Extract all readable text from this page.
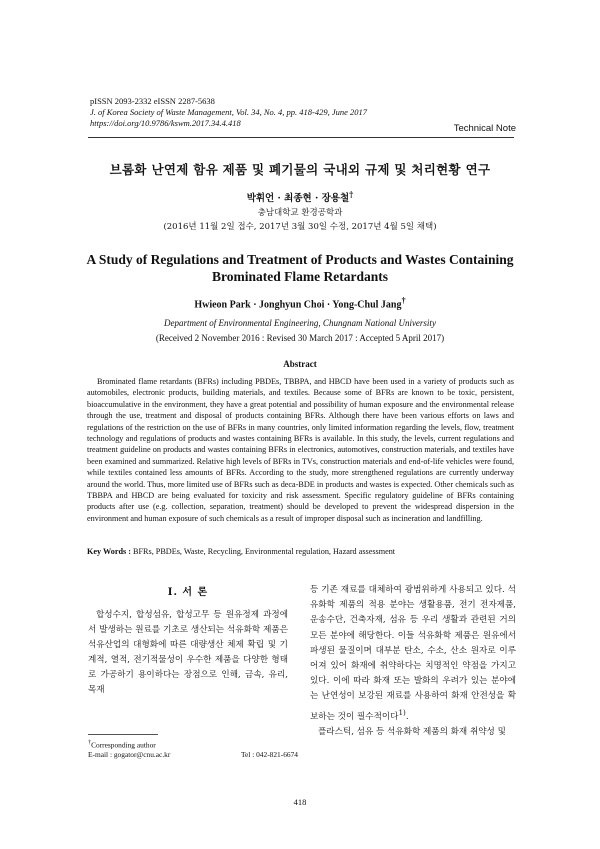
pISSN 2093-2332 eISSN 2287-5638
J. of Korea Society of Waste Management, Vol. 34, No. 4, pp. 418-429, June 2017
https://doi.org/10.9786/kswm.2017.34.4.418	Technical Note
브롬화 난연제 함유 제품 및 폐기물의 국내외 규제 및 처리현황 연구
박휘언 · 최종현 · 장용철†
충남대학교 환경공학과
(2016년 11월 2일 접수, 2017년 3월 30일 수정, 2017년 4월 5일 채택)
A Study of Regulations and Treatment of Products and Wastes Containing Brominated Flame Retardants
Hwieon Park · Jonghyun Choi · Yong-Chul Jang†
Department of Environmental Engineering, Chungnam National University
(Received 2 November 2016 : Revised 30 March 2017 : Accepted 5 April 2017)
Abstract
Brominated flame retardants (BFRs) including PBDEs, TBBPA, and HBCD have been used in a variety of products such as automobiles, electronic products, building materials, and textiles. Because some of BFRs are known to be toxic, persistent, bioaccumulative in the environment, they have a great potential and possibility of human exposure and the environmental release through the use, treatment and disposal of products containing BFRs. Although there have been various efforts on laws and regulations of the restriction on the use of BFRs in many countries, only limited information regarding the levels, flow, treatment technology and regulations of products and wastes containing BFRs is available. In this study, the levels, current regulations and treatment guideline on products and wastes containing BFRs in electronics, automotives, construction materials, and textiles have been examined and summarized. Relative high levels of BFRs in TVs, construction materials and end-of-life vehicles were found, while textiles contained less amounts of BFRs. According to the study, more strengthened regulations are currently underway around the world. Thus, more limited use of BFRs such as deca-BDE in products and wastes is expected. Other chemicals such as TBBPA and HBCD are being evaluated for toxicity and risk assessment. Specific regulatory guideline of BFRs containing products after use (e.g. collection, separation, treatment) should be developed to prevent the widespread dispersion in the environment and human exposure of such chemicals as a result of improper disposal such as incineration and landfilling.
Key Words : BFRs, PBDEs, Waste, Recycling, Environmental regulation, Hazard assessment
I. 서 론
합성수지, 합성섬유, 합성고무 등 원유정제 과정에서 발생하는 원료를 기초로 생산되는 석유화학 제품은 석유산업의 대형화에 따른 대량생산 체제 확립 및 기계적, 열적, 전기적물성이 우수한 제품을 다양한 형태로 가공하기 용이하다는 장점으로 인해, 금속, 유리, 목재

등 기존 재료를 대체하여 광범위하게 사용되고 있다. 석유화학 제품의 적용 분야는 생활용품, 전기 전자제품, 운송수단, 건축자재, 섬유 등 우리 생활과 관련된 거의 모든 분야에 해당한다. 이들 석유화학 제품은 원유에서 파생된 물질이며 대부분 탄소, 수소, 산소 원자로 이루어져 있어 화재에 취약하다는 치명적인 약점을 가지고 있다. 이에 따라 화재 또는 발화의 우려가 있는 분야에는 난연성이 보강된 재료를 사용하여 화재 안전성을 확보하는 것이 필수적이다$^{1)}$.

플라스틱, 섬유 등 석유화학 제품의 화재 취약성 및

†Corresponding author
E-mail : gogator@cnu.ac.kr	Tel : 042-821-6674
418
